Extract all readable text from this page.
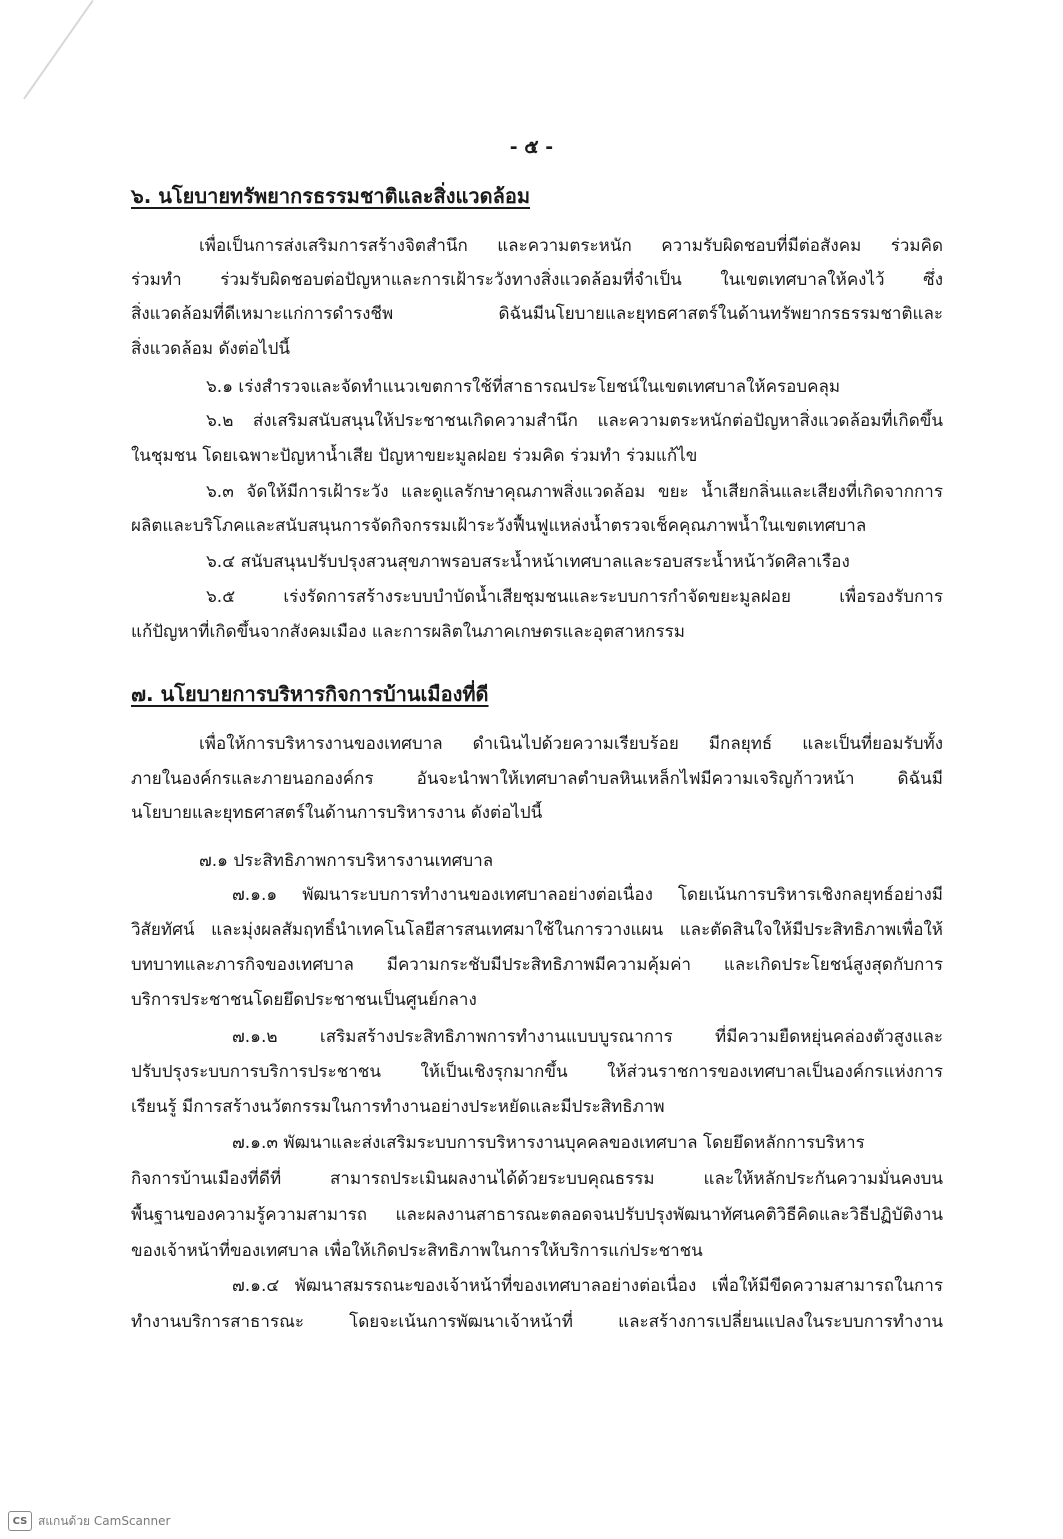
- ๕ -
๖. นโยบายทรัพยากรธรรมชาติและสิ่งแวดล้อม

เพื่อเป็นการส่งเสริมการสร้างจิตสำนึก และความตระหนัก ความรับผิดชอบที่มีต่อสังคม ร่วมคิด

ร่วมทำ ร่วมรับผิดชอบต่อปัญหาและการเฝ้าระวังทางสิ่งแวดล้อมที่จำเป็น ในเขตเทศบาลให้คงไว้ ซึ่ง

สิ่งแวดล้อมที่ดีเหมาะแก่การดำรงชีพ ดิฉันมีนโยบายและยุทธศาสตร์ในด้านทรัพยากรธรรมชาติและ

สิ่งแวดล้อม ดังต่อไปนี้

๖.๑ เร่งสำรวจและจัดทำแนวเขตการใช้ที่สาธารณประโยชน์ในเขตเทศบาลให้ครอบคลุม

๖.๒ ส่งเสริมสนับสนุนให้ประชาชนเกิดความสำนึก และความตระหนักต่อปัญหาสิ่งแวดล้อมที่เกิดขึ้น

ในชุมชน โดยเฉพาะปัญหาน้ำเสีย ปัญหาขยะมูลฝอย ร่วมคิด ร่วมทำ ร่วมแก้ไข

๖.๓ จัดให้มีการเฝ้าระวัง และดูแลรักษาคุณภาพสิ่งแวดล้อม ขยะ น้ำเสียกลิ่นและเสียงที่เกิดจากการ

ผลิตและบริโภคและสนับสนุนการจัดกิจกรรมเฝ้าระวังฟื้นฟูแหล่งน้ำตรวจเช็คคุณภาพน้ำในเขตเทศบาล

๖.๔ สนับสนุนปรับปรุงสวนสุขภาพรอบสระน้ำหน้าเทศบาลและรอบสระน้ำหน้าวัดศิลาเรือง

๖.๕ เร่งรัดการสร้างระบบบำบัดน้ำเสียชุมชนและระบบการกำจัดขยะมูลฝอย เพื่อรองรับการ

แก้ปัญหาที่เกิดขึ้นจากสังคมเมือง และการผลิตในภาคเกษตรและอุตสาหกรรม

๗. นโยบายการบริหารกิจการบ้านเมืองที่ดี

เพื่อให้การบริหารงานของเทศบาล ดำเนินไปด้วยความเรียบร้อย มีกลยุทธ์ และเป็นที่ยอมรับทั้ง

ภายในองค์กรและภายนอกองค์กร อันจะนำพาให้เทศบาลตำบลหินเหล็กไฟมีความเจริญก้าวหน้า ดิฉันมี

นโยบายและยุทธศาสตร์ในด้านการบริหารงาน ดังต่อไปนี้

๗.๑ ประสิทธิภาพการบริหารงานเทศบาล

๗.๑.๑ พัฒนาระบบการทำงานของเทศบาลอย่างต่อเนื่อง โดยเน้นการบริหารเชิงกลยุทธ์อย่างมี

วิสัยทัศน์ และมุ่งผลสัมฤทธิ์นำเทคโนโลยีสารสนเทศมาใช้ในการวางแผน และตัดสินใจให้มีประสิทธิภาพเพื่อให้

บทบาทและภารกิจของเทศบาล มีความกระชับมีประสิทธิภาพมีความคุ้มค่า และเกิดประโยชน์สูงสุดกับการ

บริการประชาชนโดยยึดประชาชนเป็นศูนย์กลาง

๗.๑.๒ เสริมสร้างประสิทธิภาพการทำงานแบบบูรณาการ ที่มีความยืดหยุ่นคล่องตัวสูงและ

ปรับปรุงระบบการบริการประชาชน ให้เป็นเชิงรุกมากขึ้น ให้ส่วนราชการของเทศบาลเป็นองค์กรแห่งการ

เรียนรู้ มีการสร้างนวัตกรรมในการทำงานอย่างประหยัดและมีประสิทธิภาพ

๗.๑.๓ พัฒนาและส่งเสริมระบบการบริหารงานบุคคลของเทศบาล โดยยึดหลักการบริหาร

กิจการบ้านเมืองที่ดีที่ สามารถประเมินผลงานได้ด้วยระบบคุณธรรม และให้หลักประกันความมั่นคงบน

พื้นฐานของความรู้ความสามารถ และผลงานสาธารณะตลอดจนปรับปรุงพัฒนาทัศนคติวิธีคิดและวิธีปฏิบัติงาน

ของเจ้าหน้าที่ของเทศบาล เพื่อให้เกิดประสิทธิภาพในการให้บริการแก่ประชาชน

๗.๑.๔ พัฒนาสมรรถนะของเจ้าหน้าที่ของเทศบาลอย่างต่อเนื่อง เพื่อให้มีขีดความสามารถในการ

ทำงานบริการสาธารณะ โดยจะเน้นการพัฒนาเจ้าหน้าที่ และสร้างการเปลี่ยนแปลงในระบบการทำงาน

CS สแกนด้วย CamScanner
